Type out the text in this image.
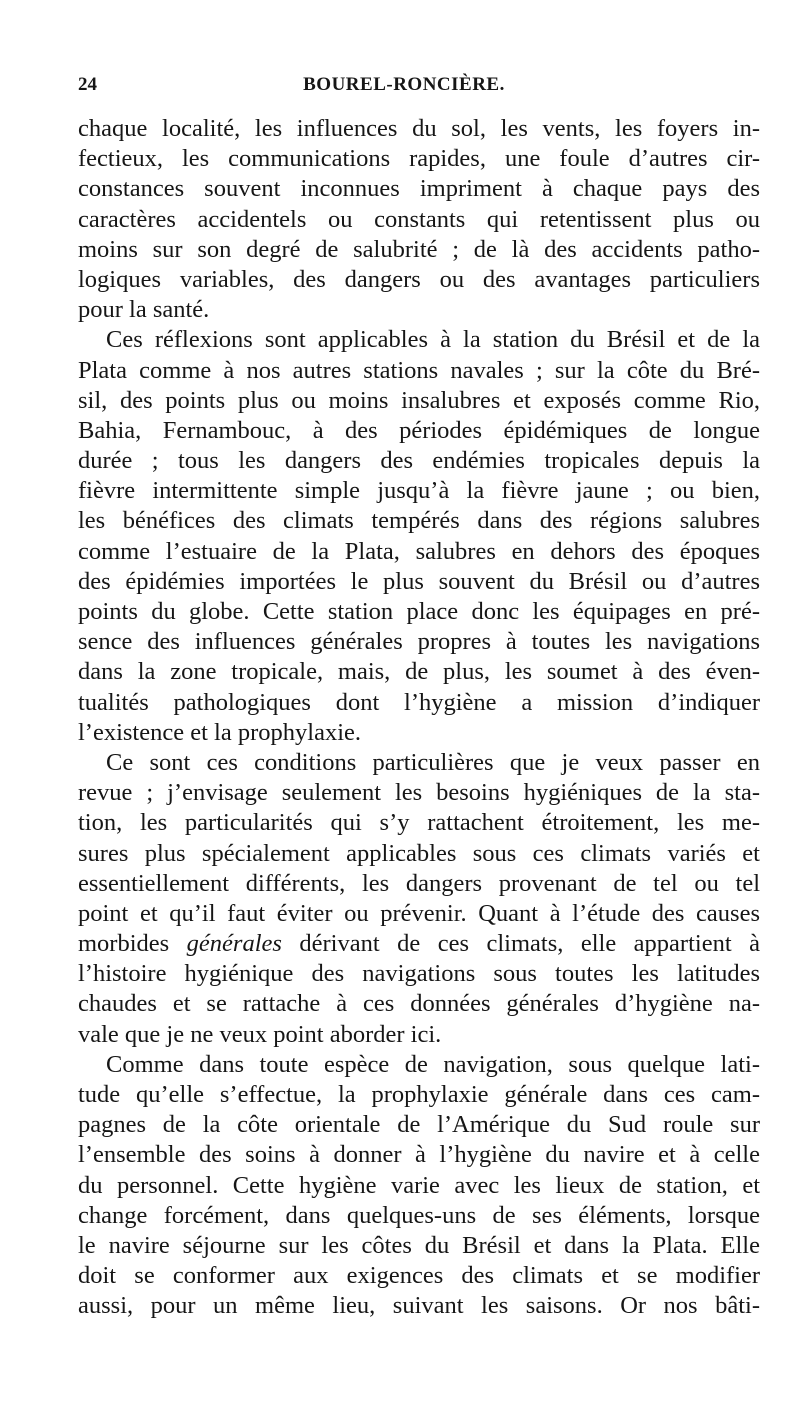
24	BOUREL-RONCIÈRE.
chaque localité, les influences du sol, les vents, les foyers in-
fectieux, les communications rapides, une foule d’autres cir-
constances souvent inconnues impriment à chaque pays des
caractères accidentels ou constants qui retentissent plus ou
moins sur son degré de salubrité ; de là des accidents patho-
logiques variables, des dangers ou des avantages particuliers
pour la santé.
Ces réflexions sont applicables à la station du Brésil et de la
Plata comme à nos autres stations navales ; sur la côte du Bré-
sil, des points plus ou moins insalubres et exposés comme Rio,
Bahia, Fernambouc, à des périodes épidémiques de longue
durée ; tous les dangers des endémies tropicales depuis la
fièvre intermittente simple jusqu’à la fièvre jaune ; ou bien,
les bénéfices des climats tempérés dans des régions salubres
comme l’estuaire de la Plata, salubres en dehors des époques
des épidémies importées le plus souvent du Brésil ou d’autres
points du globe. Cette station place donc les équipages en pré-
sence des influences générales propres à toutes les navigations
dans la zone tropicale, mais, de plus, les soumet à des éven-
tualités pathologiques dont l’hygiène a mission d’indiquer
l’existence et la prophylaxie.
Ce sont ces conditions particulières que je veux passer en
revue ; j’envisage seulement les besoins hygiéniques de la sta-
tion, les particularités qui s’y rattachent étroitement, les me-
sures plus spécialement applicables sous ces climats variés et
essentiellement différents, les dangers provenant de tel ou tel
point et qu’il faut éviter ou prévenir. Quant à l’étude des causes
morbides générales dérivant de ces climats, elle appartient à
l’histoire hygiénique des navigations sous toutes les latitudes
chaudes et se rattache à ces données générales d’hygiène na-
vale que je ne veux point aborder ici.
Comme dans toute espèce de navigation, sous quelque lati-
tude qu’elle s’effectue, la prophylaxie générale dans ces cam-
pagnes de la côte orientale de l’Amérique du Sud roule sur
l’ensemble des soins à donner à l’hygiène du navire et à celle
du personnel. Cette hygiène varie avec les lieux de station, et
change forcément, dans quelques-uns de ses éléments, lorsque
le navire séjourne sur les côtes du Brésil et dans la Plata. Elle
doit se conformer aux exigences des climats et se modifier
aussi, pour un même lieu, suivant les saisons. Or nos bâti-
